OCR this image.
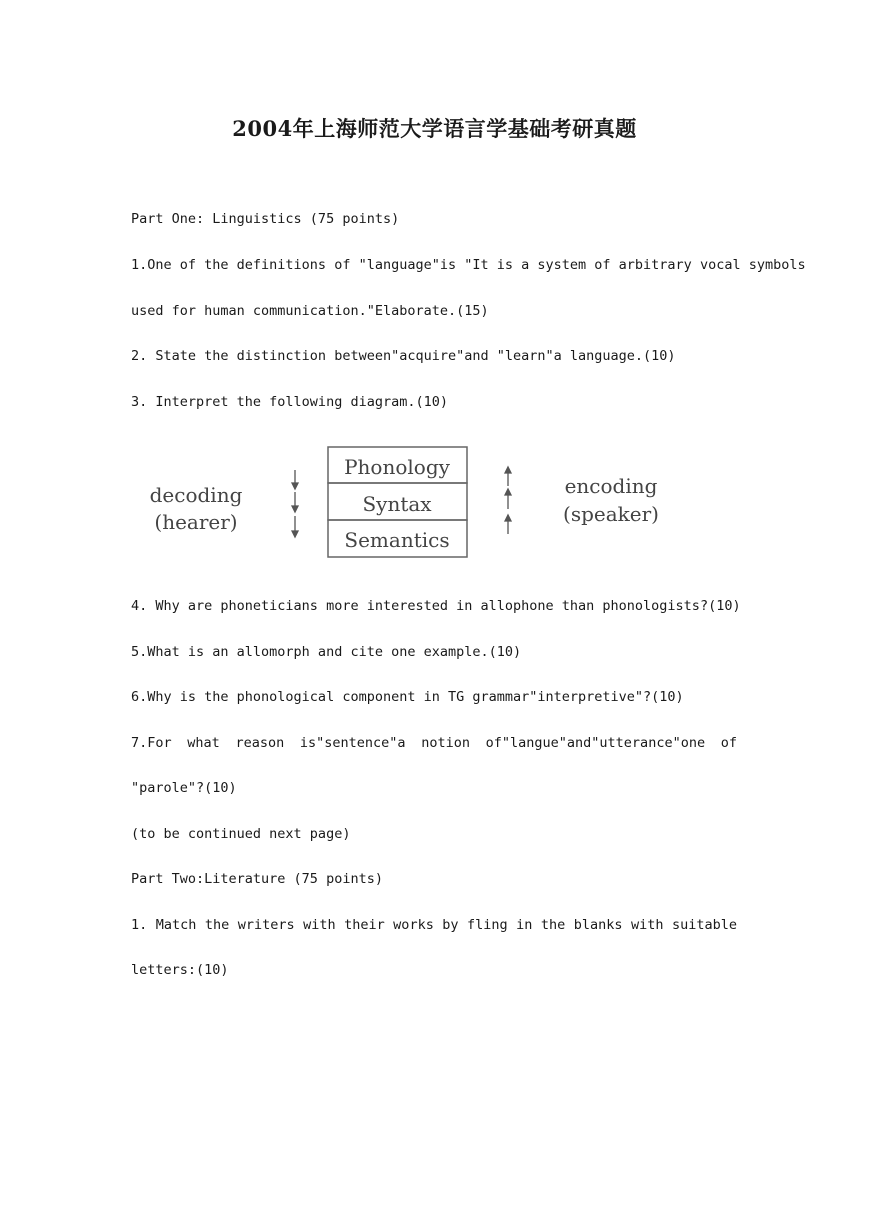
2004年上海师范大学语言学基础考研真题
Part One: Linguistics (75 points)
1.One of the definitions of "language"is "It is a system of arbitrary vocal symbols
used for human communication."Elaborate.(15)
2. State the distinction between"acquire"and "learn"a language.(10)
3. Interpret the following diagram.(10)
decoding
(hearer)
Phonology
Syntax
Semantics
encoding
(speaker)
4. Why are phoneticians more interested in allophone than phonologists?(10)
5.What is an allomorph and cite one example.(10)
6.Why is the phonological component in TG grammar"interpretive"?(10)
7.For what reason is"sentence"a notion of"langue"and"utterance"one of
"parole"?(10)
(to be continued next page)
Part Two:Literature (75 points)
1. Match the writers with their works by fling in the blanks with suitable
letters:(10)
